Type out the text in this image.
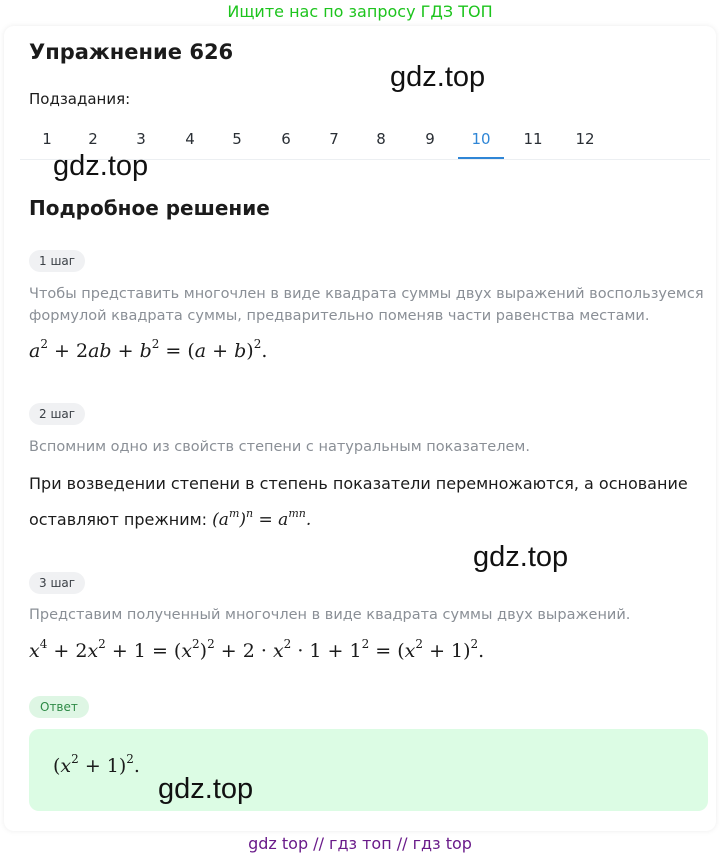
Ищите нас по запросу ГДЗ ТОП
Упражнение 626
Подзадания:
1	2	3	4	5	6	7	8	9	10	11	12
Подробное решение
1 шаг
Чтобы представить многочлен в виде квадрата суммы двух выражений воспользуемся формулой квадрата суммы, предварительно поменяв части равенства местами.
$a^2 + 2ab + b^2 = (a + b)^2$.
2 шаг
Вспомним одно из свойств степени с натуральным показателем.
При возведении степени в степень показатели перемножаются, а основание
оставляют прежним: $(a^m)^n = a^{mn}$.
3 шаг
Представим полученный многочлен в виде квадрата суммы двух выражений.
$x^4 + 2x^2 + 1 = (x^2)^2 + 2 \cdot x^2 \cdot 1 + 1^2 = (x^2 + 1)^2$.
Ответ
$(x^2 + 1)^2$.
gdz.top
gdz.top
gdz.top
gdz.top
gdz top // гдз топ // гдз top
